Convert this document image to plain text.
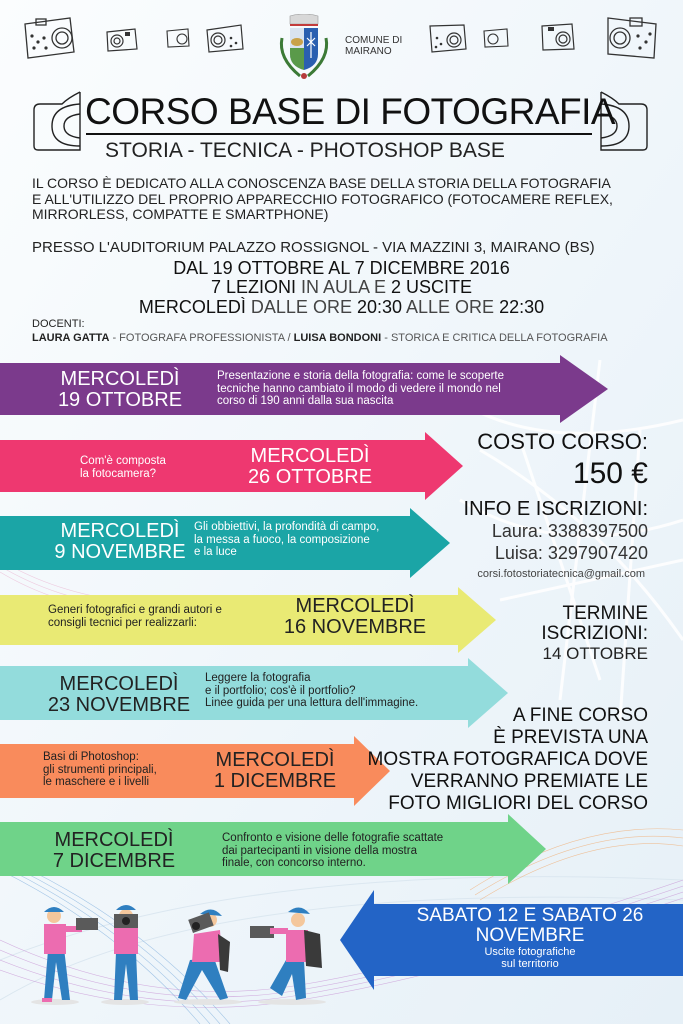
COMUNE DI
MAIRANO
CORSO BASE DI FOTOGRAFIA
STORIA - TECNICA - PHOTOSHOP BASE
IL CORSO È DEDICATO ALLA CONOSCENZA BASE DELLA STORIA DELLA FOTOGRAFIA
E ALL'UTILIZZO DEL PROPRIO APPARECCHIO FOTOGRAFICO (FOTOCAMERE REFLEX,
MIRRORLESS, COMPATTE E SMARTPHONE)
PRESSO L'AUDITORIUM PALAZZO ROSSIGNOL - VIA MAZZINI 3, MAIRANO (BS)
DAL 19 OTTOBRE AL 7 DICEMBRE 2016
7 LEZIONI IN AULA E 2 USCITE
MERCOLEDÌ DALLE ORE 20:30 ALLE ORE 22:30
DOCENTI:
LAURA GATTA - FOTOGRAFA PROFESSIONISTA / LUISA BONDONI - STORICA E CRITICA DELLA FOTOGRAFIA
MERCOLEDÌ
19 OTTOBRE
Presentazione e storia della fotografia: come le scoperte
tecniche hanno cambiato il modo di vedere il mondo nel
corso di 190 anni dalla sua nascita
Com'è composta
la fotocamera?
MERCOLEDÌ
26 OTTOBRE
MERCOLEDÌ
9 NOVEMBRE
Gli obbiettivi, la profondità di campo,
la messa a fuoco, la composizione
e la luce
Generi fotografici e grandi autori e
consigli tecnici per realizzarli:
MERCOLEDÌ
16 NOVEMBRE
MERCOLEDÌ
23 NOVEMBRE
Leggere la fotografia
e il portfolio; cos'è il portfolio?
Linee guida per una lettura dell'immagine.
Basi di Photoshop:
gli strumenti principali,
le maschere e i livelli
MERCOLEDÌ
1 DICEMBRE
MERCOLEDÌ
7 DICEMBRE
Confronto e visione delle fotografie scattate
dai partecipanti in visione della mostra
finale, con concorso interno.
SABATO 12 E SABATO 26
NOVEMBRE
Uscite fotografiche
sul territorio
COSTO CORSO:
150 €
INFO E ISCRIZIONI:
Laura: 3388397500
Luisa: 3297907420
corsi.fotostoriatecnica@gmail.com
TERMINE
ISCRIZIONI:
14 OTTOBRE
A FINE CORSO
È PREVISTA UNA
MOSTRA FOTOGRAFICA DOVE
VERRANNO PREMIATE LE
FOTO MIGLIORI DEL CORSO
